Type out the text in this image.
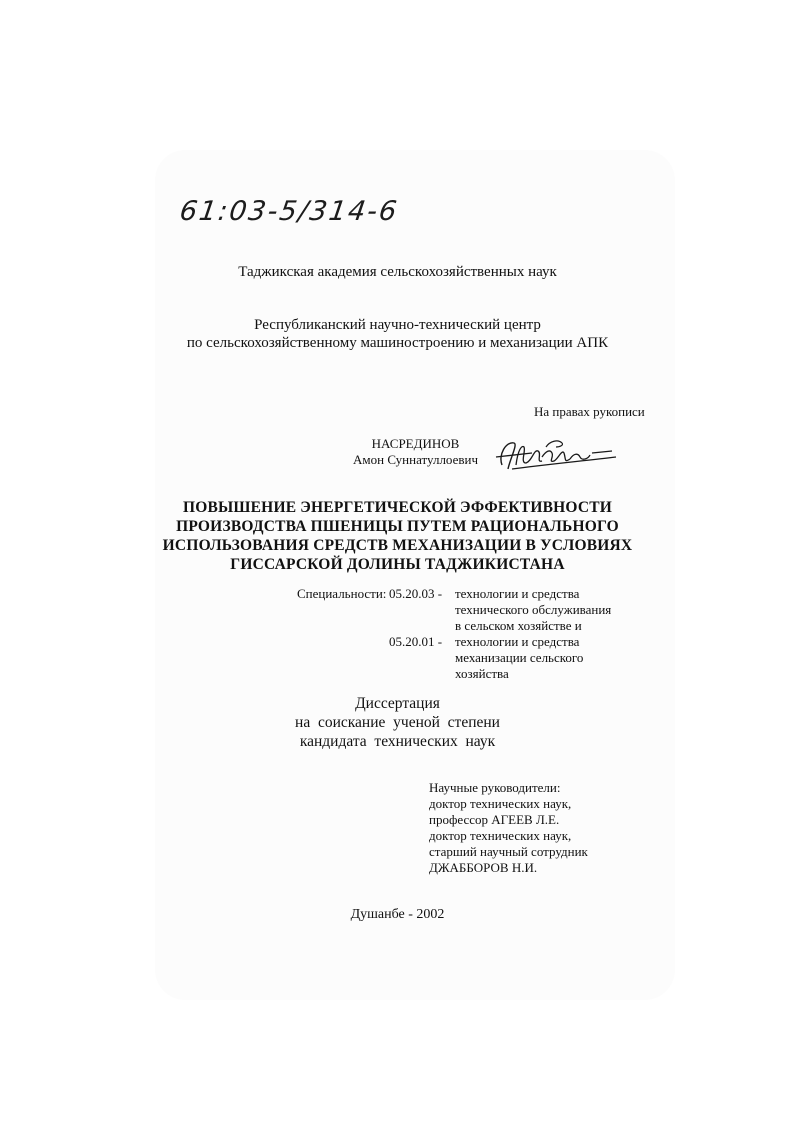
61:03-5/314-6
Таджикская академия сельскохозяйственных наук
Республиканский научно-технический центр
по сельскохозяйственному машиностроению и механизации АПК
На правах рукописи
НАСРЕДИНОВ
Амон Суннатуллоевич
ПОВЫШЕНИЕ ЭНЕРГЕТИЧЕСКОЙ ЭФФЕКТИВНОСТИ
ПРОИЗВОДСТВА ПШЕНИЦЫ ПУТЕМ РАЦИОНАЛЬНОГО
ИСПОЛЬЗОВАНИЯ СРЕДСТВ МЕХАНИЗАЦИИ В УСЛОВИЯХ
ГИССАРСКОЙ ДОЛИНЫ ТАДЖИКИСТАНА
Специальности:	05.20.03 -	технологии и средства
технического обслуживания
в сельском хозяйстве и

	05.20.01 -	технологии и средства
механизации сельского
хозяйства
Диссертация
на  соискание  ученой  степени
кандидата  технических  наук
Научные руководители:
доктор технических наук,
профессор АГЕЕВ Л.Е.
доктор технических наук,
старший научный сотрудник
ДЖАББОРОВ Н.И.
Душанбе - 2002
